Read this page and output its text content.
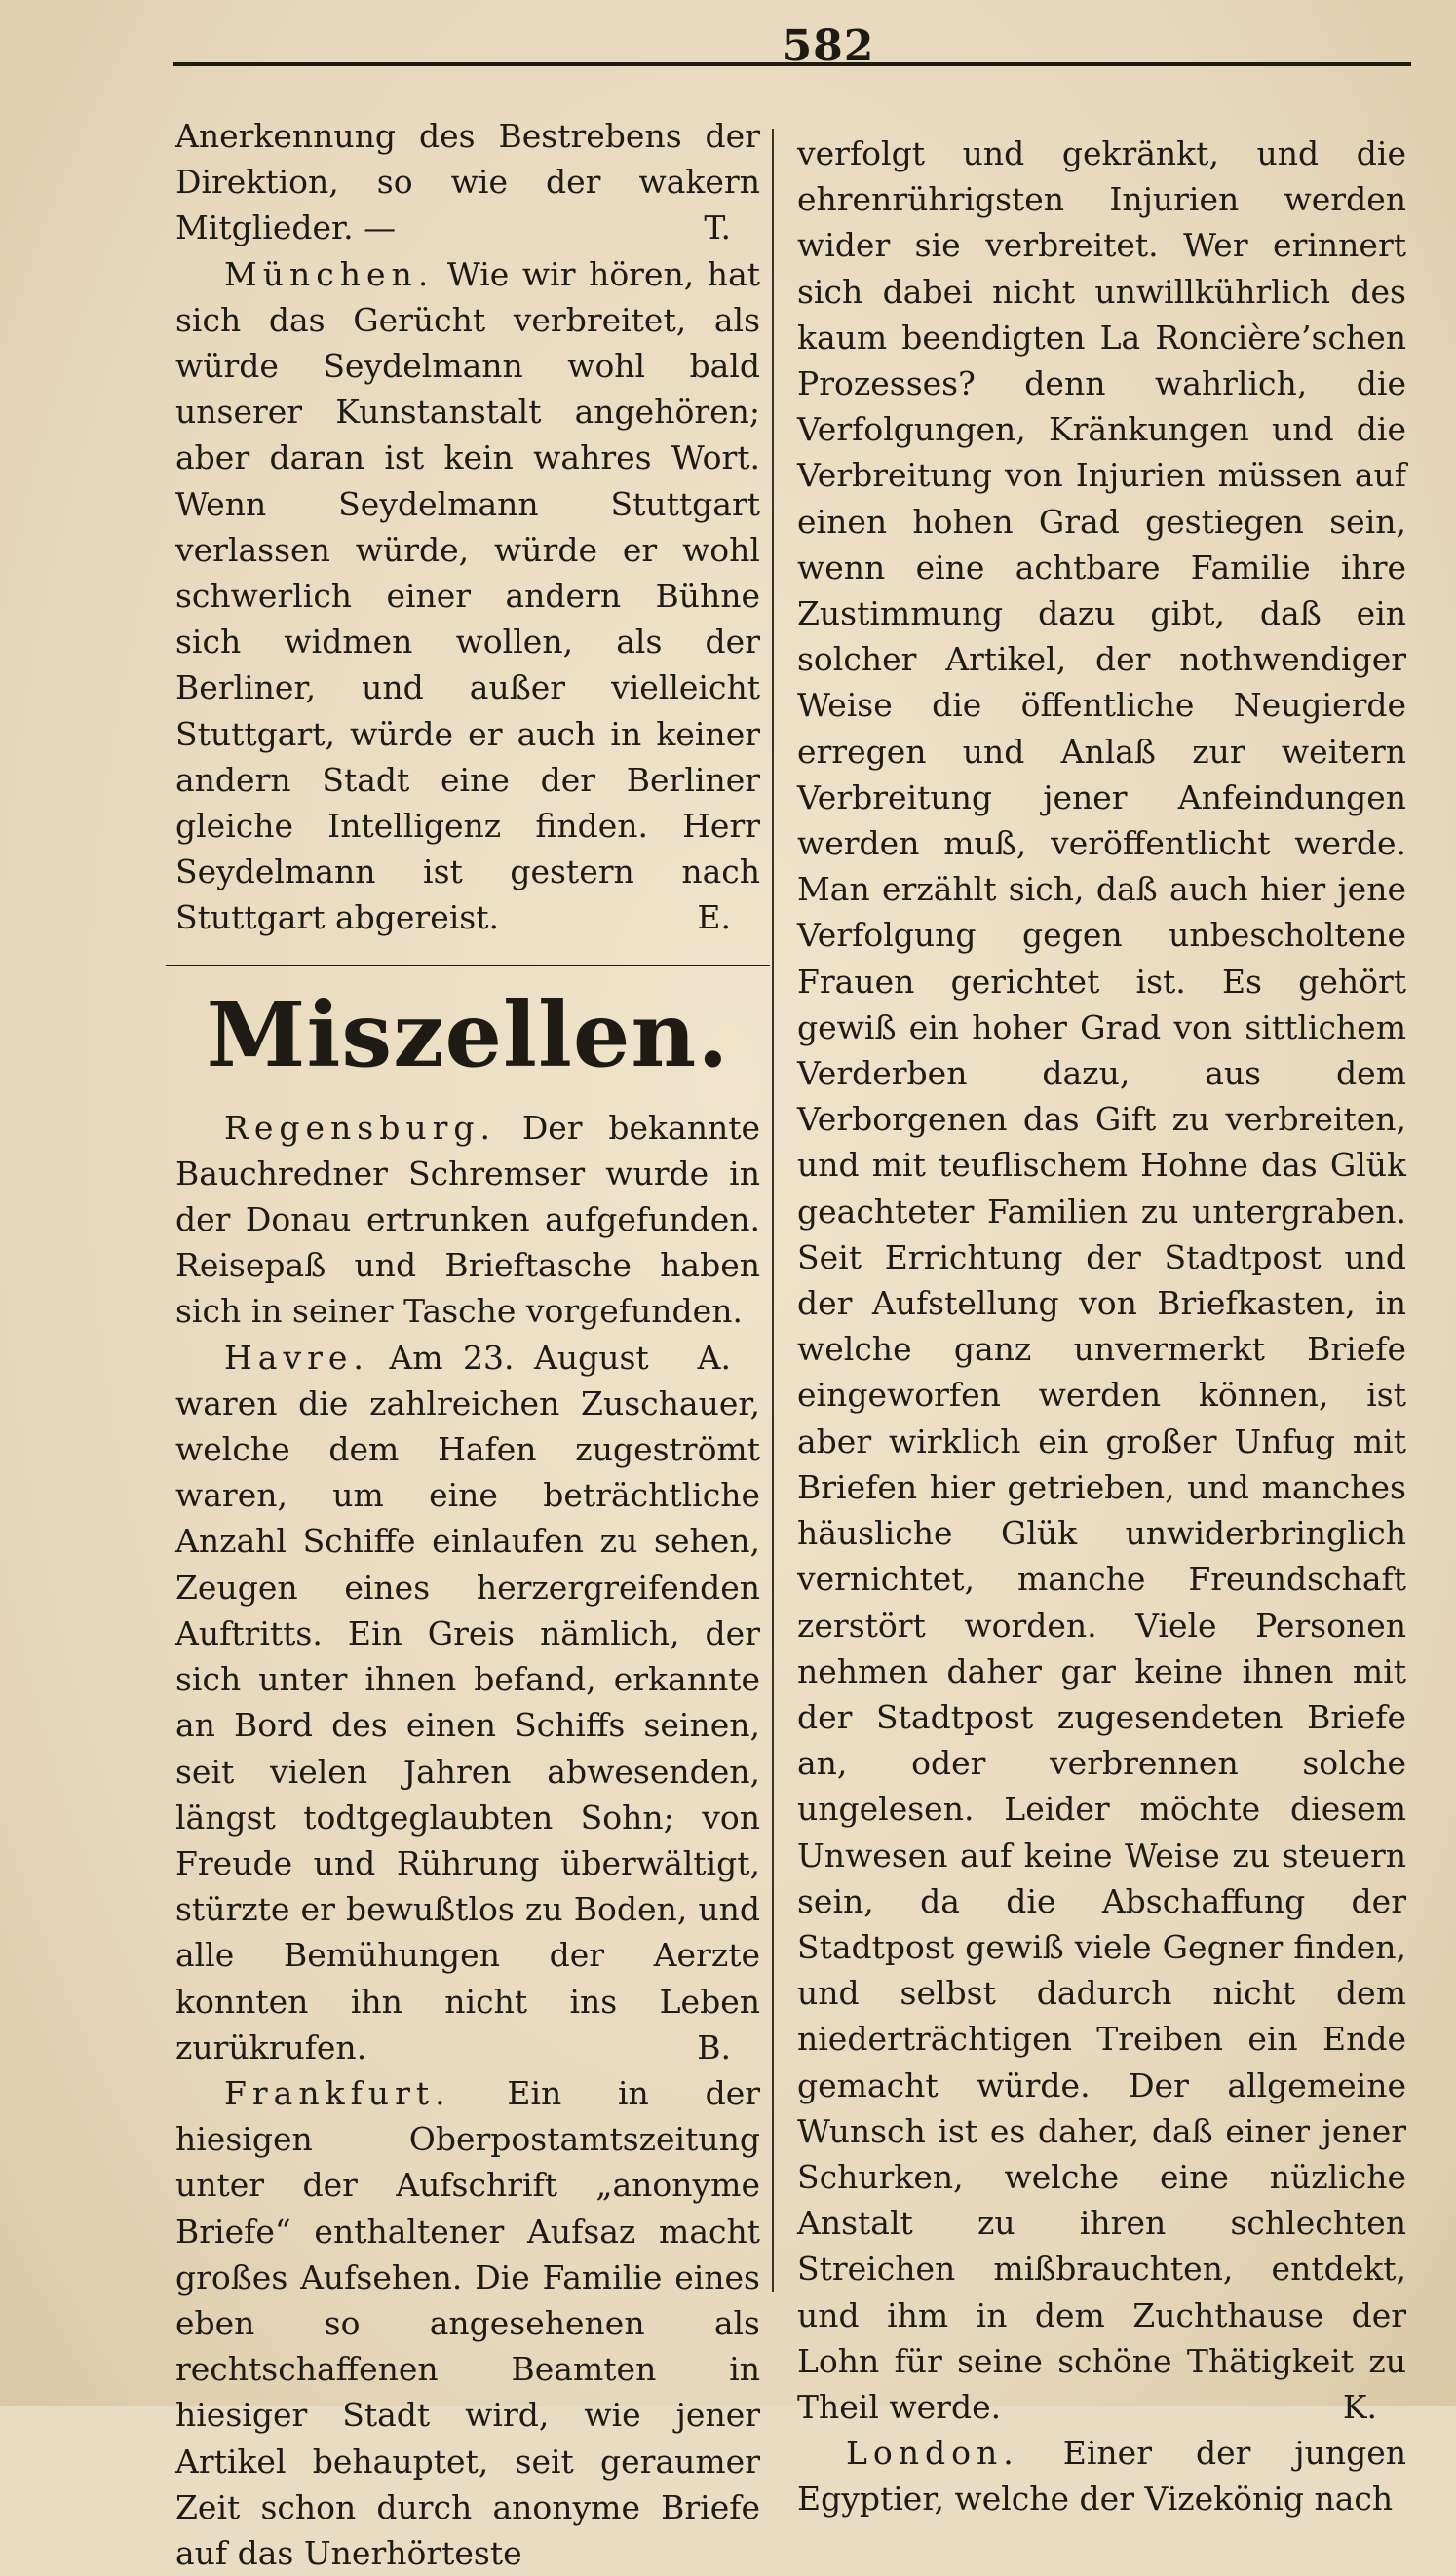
582

Anerkennung des Bestrebens der Direktion, so wie der wakern Mitglieder. —	T.

München. Wie wir hören, hat sich das Gerücht verbreitet, als würde Seydelmann wohl bald unserer Kunstanstalt angehören; aber daran ist kein wahres Wort. Wenn Seydelmann Stuttgart verlassen würde, würde er wohl schwerlich einer andern Bühne sich widmen wollen, als der Berliner, und außer vielleicht Stuttgart, würde er auch in keiner andern Stadt eine der Berliner gleiche Intelligenz finden. Herr Seydelmann ist gestern nach Stuttgart abgereist.	E.

Miszellen.

Regensburg. Der bekannte Bauchredner Schremser wurde in der Donau ertrunken aufgefunden. Reisepaß und Brieftasche haben sich in seiner Tasche vorgefunden.
A.

Havre. Am 23. August waren die zahlreichen Zuschauer, welche dem Hafen zugeströmt waren, um eine beträchtliche Anzahl Schiffe einlaufen zu sehen, Zeugen eines herzergreifenden Auftritts. Ein Greis nämlich, der sich unter ihnen befand, erkannte an Bord des einen Schiffs seinen, seit vielen Jahren abwesenden, längst todtgeglaubten Sohn; von Freude und Rührung überwältigt, stürzte er bewußtlos zu Boden, und alle Bemühungen der Aerzte konnten ihn nicht ins Leben zurükrufen.	B.

Frankfurt. Ein in der hiesigen Oberpostamtszeitung unter der Aufschrift „anonyme Briefe“ enthaltener Aufsaz macht großes Aufsehen. Die Familie eines eben so angesehenen als rechtschaffenen Beamten in hiesiger Stadt wird, wie jener Artikel behauptet, seit geraumer Zeit schon durch anonyme Briefe auf das Unerhörteste

verfolgt und gekränkt, und die ehrenrührigsten Injurien werden wider sie verbreitet. Wer erinnert sich dabei nicht unwillkührlich des kaum beendigten La Roncière’schen Prozesses? denn wahrlich, die Verfolgungen, Kränkungen und die Verbreitung von Injurien müssen auf einen hohen Grad gestiegen sein, wenn eine achtbare Familie ihre Zustimmung dazu gibt, daß ein solcher Artikel, der nothwendiger Weise die öffentliche Neugierde erregen und Anlaß zur weitern Verbreitung jener Anfeindungen werden muß, veröffentlicht werde. Man erzählt sich, daß auch hier jene Verfolgung gegen unbescholtene Frauen gerichtet ist. Es gehört gewiß ein hoher Grad von sittlichem Verderben dazu, aus dem Verborgenen das Gift zu verbreiten, und mit teuflischem Hohne das Glük geachteter Familien zu untergraben. Seit Errichtung der Stadtpost und der Aufstellung von Briefkasten, in welche ganz unvermerkt Briefe eingeworfen werden können, ist aber wirklich ein großer Unfug mit Briefen hier getrieben, und manches häusliche Glük unwiderbringlich vernichtet, manche Freundschaft zerstört worden. Viele Personen nehmen daher gar keine ihnen mit der Stadtpost zugesendeten Briefe an, oder verbrennen solche ungelesen. Leider möchte diesem Unwesen auf keine Weise zu steuern sein, da die Abschaffung der Stadtpost gewiß viele Gegner finden, und selbst dadurch nicht dem niederträchtigen Treiben ein Ende gemacht würde. Der allgemeine Wunsch ist es daher, daß einer jener Schurken, welche eine nüzliche Anstalt zu ihren schlechten Streichen mißbrauchten, entdekt, und ihm in dem Zuchthause der Lohn für seine schöne Thätigkeit zu Theil werde.	K.

London. Einer der jungen Egyptier, welche der Vizekönig nach
